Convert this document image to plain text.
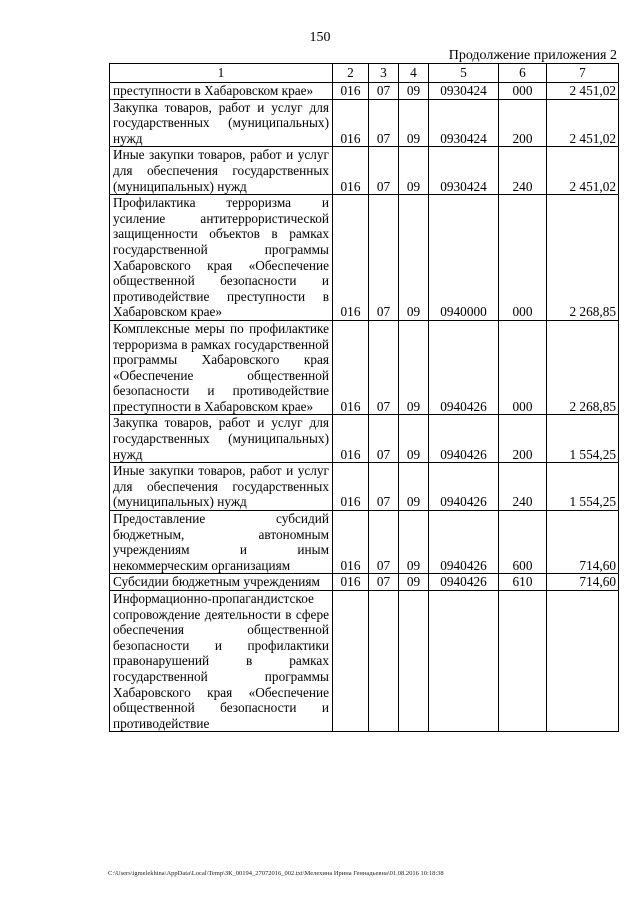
150
Продолжение приложения 2
1	2	3	4	5	6	7
преступности в Хабаровском крае»	016	07	09	0930424	000	2 451,02
Закупка товаров, работ и услуг для государственных (муниципальных) нужд	016	07	09	0930424	200	2 451,02
Иные закупки товаров, работ и услуг для обеспечения государственных (муниципальных) нужд	016	07	09	0930424	240	2 451,02
Профилактика терроризма и усиление антитеррористической защищенности объектов в рамках государственной программы Хабаровского края «Обеспечение общественной безопасности и противодействие преступности в Хабаровском крае»	016	07	09	0940000	000	2 268,85
Комплексные меры по профилактике терроризма в рамках государственной программы Хабаровского края «Обеспечение общественной безопасности и противодействие преступности в Хабаровском крае»	016	07	09	0940426	000	2 268,85
Закупка товаров, работ и услуг для государственных (муниципальных) нужд	016	07	09	0940426	200	1 554,25
Иные закупки товаров, работ и услуг для обеспечения государственных (муниципальных) нужд	016	07	09	0940426	240	1 554,25
Предоставление субсидий бюджетным, автономным учреждениям и иным некоммерческим организациям	016	07	09	0940426	600	714,60
Субсидии бюджетным учреждениям	016	07	09	0940426	610	714,60
Информационно-пропагандистское сопровождение деятельности в сфере обеспечения общественной безопасности и профилактики правонарушений в рамках государственной программы Хабаровского края «Обеспечение общественной безопасности и противодействие						
C:\Users\igmelekhina\AppData\Local\Temp\ЗК_00194_27072016_002.txt\Мелехина Ирина Геннадьевна\01.08.2016 10:18:38
